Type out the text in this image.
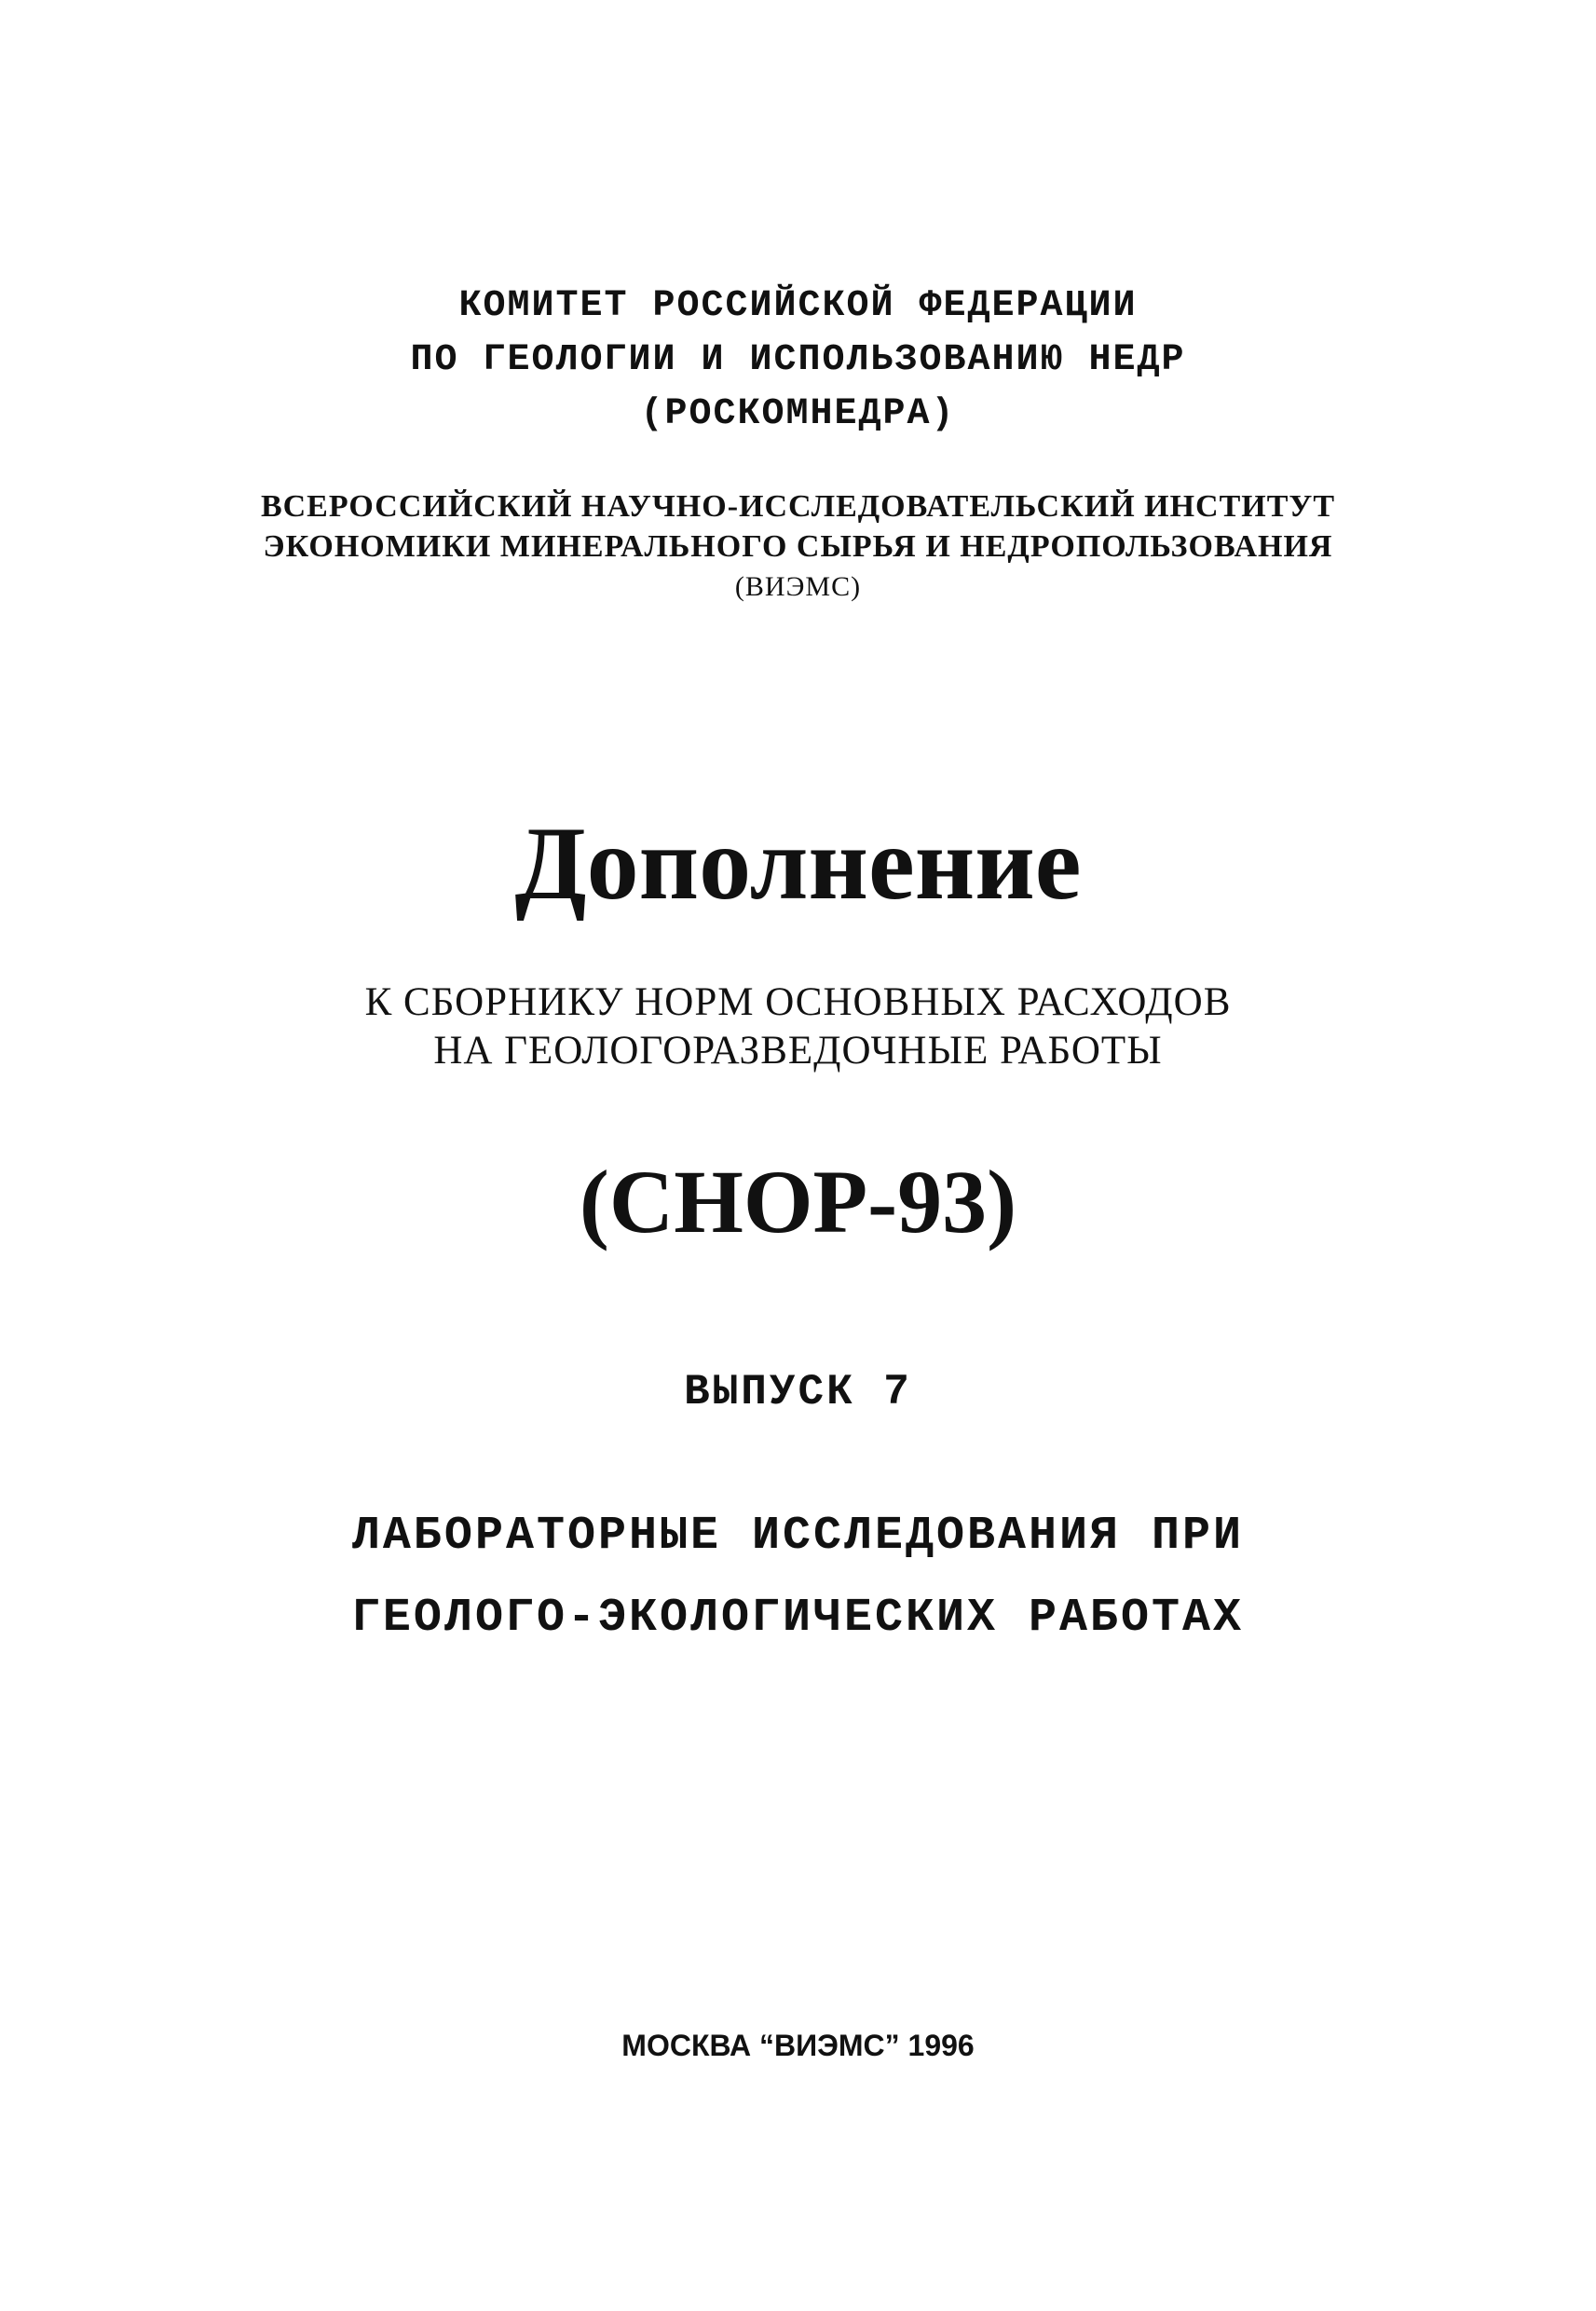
КОМИТЕТ РОССИЙСКОЙ ФЕДЕРАЦИИ
ПО ГЕОЛОГИИ И ИСПОЛЬЗОВАНИЮ НЕДР
(РОСКОМНЕДРА)
ВСЕРОССИЙСКИЙ НАУЧНО-ИССЛЕДОВАТЕЛЬСКИЙ ИНСТИТУТ
ЭКОНОМИКИ МИНЕРАЛЬНОГО СЫРЬЯ И НЕДРОПОЛЬЗОВАНИЯ
(ВИЭМС)
Дополнение
К СБОРНИКУ НОРМ ОСНОВНЫХ РАСХОДОВ
НА ГЕОЛОГОРАЗВЕДОЧНЫЕ РАБОТЫ
(СНОР-93)
ВЫПУСК 7
ЛАБОРАТОРНЫЕ ИССЛЕДОВАНИЯ ПРИ
ГЕОЛОГО-ЭКОЛОГИЧЕСКИХ РАБОТАХ
МОСКВА “ВИЭМС” 1996
